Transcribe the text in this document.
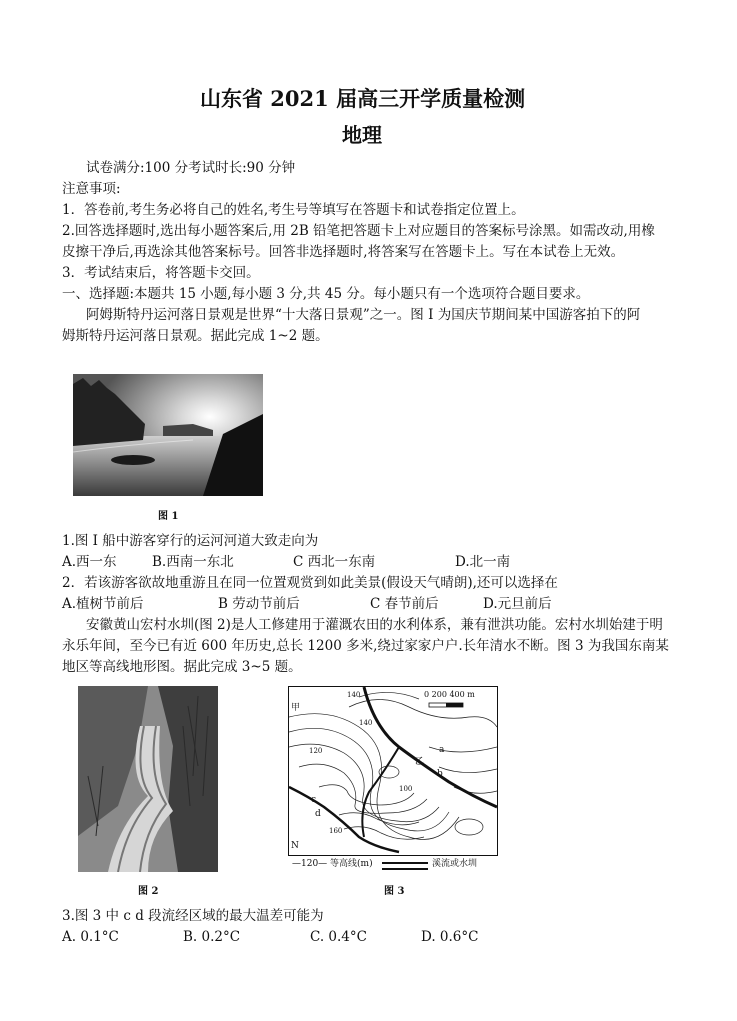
山东省 2021 届高三开学质量检测
地理
试卷满分:100 分考试时长:90 分钟
注意事项:
1．答卷前,考生务必将自己的姓名,考生号等填写在答题卡和试卷指定位置上。
2.回答选择题时,选出每小题答案后,用 2B 铅笔把答题卡上对应题目的答案标号涂黑。如需改动,用橡
皮擦干净后,再选涂其他答案标号。回答非选择题时,将答案写在答题卡上。写在本试卷上无效。
3．考试结束后，将答题卡交回。
一、选择题:本题共 15 小题,每小题 3 分,共 45 分。每小题只有一个选项符合题目要求。
阿姆斯特丹运河落日景观是世界“十大落日景观”之一。图 I 为国庆节期间某中国游客拍下的阿
姆斯特丹运河落日景观。据此完成 1~2 题。
图 1
1.图 I 船中游客穿行的运河河道大致走向为
A.西一东	B.西南一东北	C 西北一东南	D.北一南
2．若该游客欲故地重游且在同一位置观赏到如此美景(假设天气晴朗),还可以选择在
A.植树节前后	B 劳动节前后	C 春节前后	D.元旦前后
安徽黄山宏村水圳(图 2)是人工修建用于灌溉农田的水利体系，兼有泄洪功能。宏村水圳始建于明
永乐年间，至今已有近 600 年历史,总长 1200 多米,绕过家家户户.长年清水不断。图 3 为我国东南某
地区等高线地形图。据此完成 3~5 题。
图 2
0 200 400 m
甲
乙
a
b
c
d
N
140
140
120
100
160
—120— 等高线(m)	溪流或水圳
图 3
3.图 3 中 c d 段流经区域的最大温差可能为
A. 0.1°C	B. 0.2°C	C. 0.4°C	D. 0.6°C
